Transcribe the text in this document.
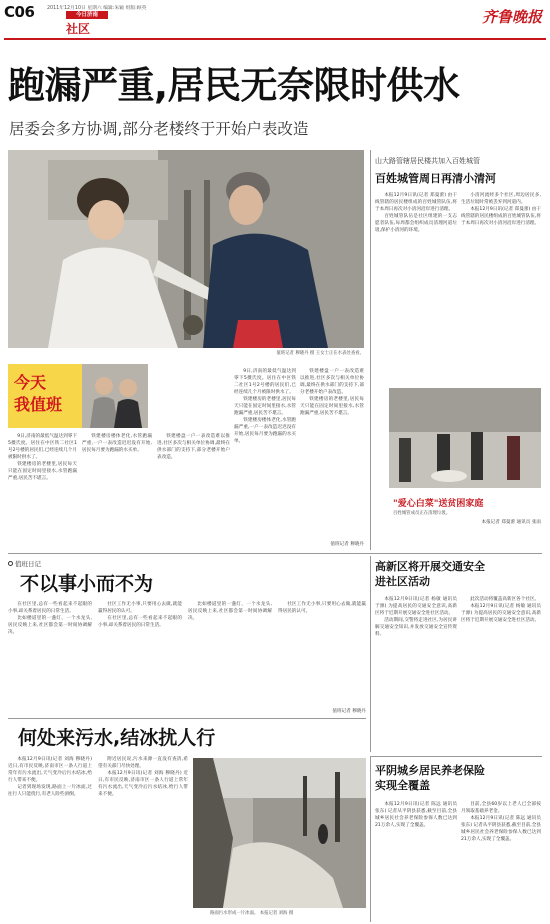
C06	2011年12月10日 星期六 编辑:朱颖 组版:顾英
今日济南
社区
齐鲁晚报
跑漏严重,居民无奈限时供水
居委会多方协调,部分老楼终于开始户表改造
值班记者 穆晓丹 摄 王女士正在水表处查看。
今天
我值班

9日,济南的最低气温达到零下5摄氏度。居住在中区铁二社区1号2号楼的居民们,已经连续几个月被限时供水了。

铁建楼房的老楼里,居民每天只能在固定时间里接水,水管跑漏严重,居民苦不堪言。

铁建楼房楼体老化,水管跑漏严重,一户一表改造迟迟没有开始,居民每月要为跑漏的水买单。

铁建楼盘一户一表改造难以推进,社区多次与相关单位协调,最终在供水部门的支持下,部分老楼开始户表改造。

9日,济南的最低气温达到零下5摄氏度。居住在中区铁二社区1号2号楼的居民们,已经连续几个月被限时供水了。

铁建楼房的老楼里,居民每天只能在固定时间里接水,水管跑漏严重,居民苦不堪言。

铁建楼房楼体老化,水管跑漏严重,一户一表改造迟迟没有开始,居民每月要为跑漏的水买单。

铁建楼盘一户一表改造难以推进,社区多次与相关单位协调,最终在供水部门的支持下,部分老楼开始户表改造。

铁建楼房的老楼里,居民每天只能在固定时间里接水,水管跑漏严重,居民苦不堪言。

值班记者 穆晓丹
山大路管辖居民楼共加入百姓城管
百姓城管周日再清小清河

本报12月9日讯(记者 郑曼蕾) 由干线管辖的居民楼组成的百姓城管队伍,将于本周日再次对小清河沿岸进行清理。

百姓城管队伍是社区组建的一支志愿者队伍,每周都会组织成员清理河道垃圾,保护小清河的环境。

小清河流经多个社区,周边居民多,生活垃圾时常被丢弃到河道内。

本报12月9日讯(记者 郑曼蕾) 由干线管辖的居民楼组成的百姓城管队伍,将于本周日再次对小清河沿岸进行清理。

"爱心白菜"送贫困家庭
百姓城管成员正在清理垃圾。
本报记者 郑曼蕾 通讯员 张雨
值班日记
不以事小而不为

在社区里,总有一些看起来不起眼的小事,却关系着居民的日常生活。

比如楼道里的一盏灯、一个水龙头,居民反映上来,社区都会第一时间协调解决。

社区工作无小事,只要用心去做,就能赢得居民的认可。

在社区里,总有一些看起来不起眼的小事,却关系着居民的日常生活。

比如楼道里的一盏灯、一个水龙头,居民反映上来,社区都会第一时间协调解决。

社区工作无小事,只要用心去做,就能赢得居民的认可。

值班记者 穆晓丹
高新区将开展交通安全进社区活动

本报12月9日讯(记者 杨敏 通讯员 于源) 为提高居民的交通安全意识,高新区将于近期开展交通安全进社区活动。

活动期间,交警将走进社区,为居民讲解交通安全知识,并发放交通安全宣传资料。

此次活动将覆盖高新区各个社区。

本报12月9日讯(记者 杨敏 通讯员 于源) 为提高居民的交通安全意识,高新区将于近期开展交通安全进社区活动。

何处来污水,结冰扰人行

本报12月9日讯(记者 刘海 穆晓丹) 近日,有市民反映,济南市区一条人行道上常年有污水流出,天气变冷后污水结冰,给行人带来不便。

记者到现场发现,路面上一片冰面,过往行人只能绕行,有老人险些滑倒。

附近居民说,污水来源一直没有查清,希望有关部门尽快处理。

本报12月9日讯(记者 刘海 穆晓丹) 近日,有市民反映,济南市区一条人行道上常年有污水流出,天气变冷后污水结冰,给行人带来不便。

路面污水形成一片冰面。 本报记者 刘海 摄
平阴城乡居民养老保险实现全覆盖

本报12月9日讯(记者 陈远 通讯员 张东) 记者从平阴县获悉,截至目前,全县城乡居民社会养老保险参保人数已达到21万余人,实现了全覆盖。

目前,全县60岁以上老人已全部按月领取基础养老金。

本报12月9日讯(记者 陈远 通讯员 张东) 记者从平阴县获悉,截至目前,全县城乡居民社会养老保险参保人数已达到21万余人,实现了全覆盖。
